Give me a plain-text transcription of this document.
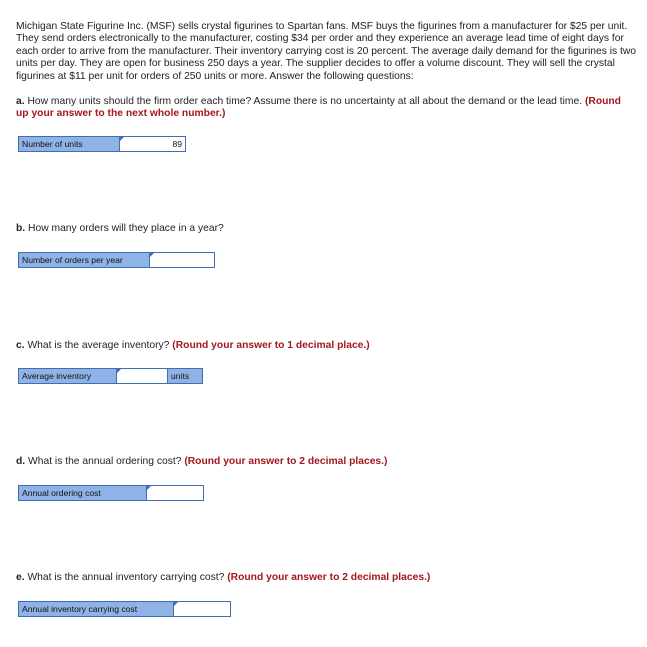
Michigan State Figurine Inc. (MSF) sells crystal figurines to Spartan fans. MSF buys the figurines from a manufacturer for $25 per unit. They send orders electronically to the manufacturer, costing $34 per order and they experience an average lead time of eight days for each order to arrive from the manufacturer. Their inventory carrying cost is 20 percent. The average daily demand for the figurines is two units per day. They are open for business 250 days a year. The supplier decides to offer a volume discount. They will sell the crystal figurines at $11 per unit for orders of 250 units or more. Answer the following questions:
a. How many units should the firm order each time? Assume there is no uncertainty at all about the demand or the lead time. (Round up your answer to the next whole number.)
Number of units	89
b. How many orders will they place in a year?
Number of orders per year
c. What is the average inventory? (Round your answer to 1 decimal place.)
Average inventory	units
d. What is the annual ordering cost? (Round your answer to 2 decimal places.)
Annual ordering cost
e. What is the annual inventory carrying cost? (Round your answer to 2 decimal places.)
Annual inventory carrying cost
